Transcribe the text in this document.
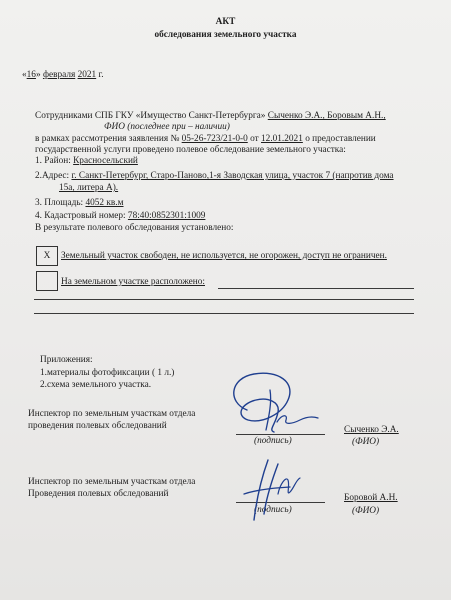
АКТ
обследования земельного участка
«16» февраля 2021 г.
Сотрудниками СПБ ГКУ «Имущество Санкт-Петербурга» Сыченко Э.А., Боровым А.Н.,
ФИО (последнее при – наличии)
в рамках рассмотрения заявления № 05-26-723/21-0-0 от 12.01.2021 о предоставлении
государственной услуги проведено полевое обследование земельного участка:
1. Район: Красносельский
2.Адрес: г. Санкт-Петербург, Старо-Паново,1-я Заводская улица, участок 7 (напротив дома
15а, литера А).
3. Площадь: 4052 кв.м
4. Кадастровый номер: 78:40:0852301:1009
В результате полевого обследования установлено:
X	Земельный участок свободен, не используется, не огорожен, доступ не ограничен.
На земельном участке расположено:
Приложения:
1.материалы фотофиксации ( 1 л.)
2.схема земельного участка.
Инспектор по земельным участкам отдела
проведения полевых обследований
(подпись)
Сыченко Э.А.
(ФИО)
Инспектор по земельным участкам отдела
Проведения полевых обследований
(подпись)
Боровой А.Н.
(ФИО)
